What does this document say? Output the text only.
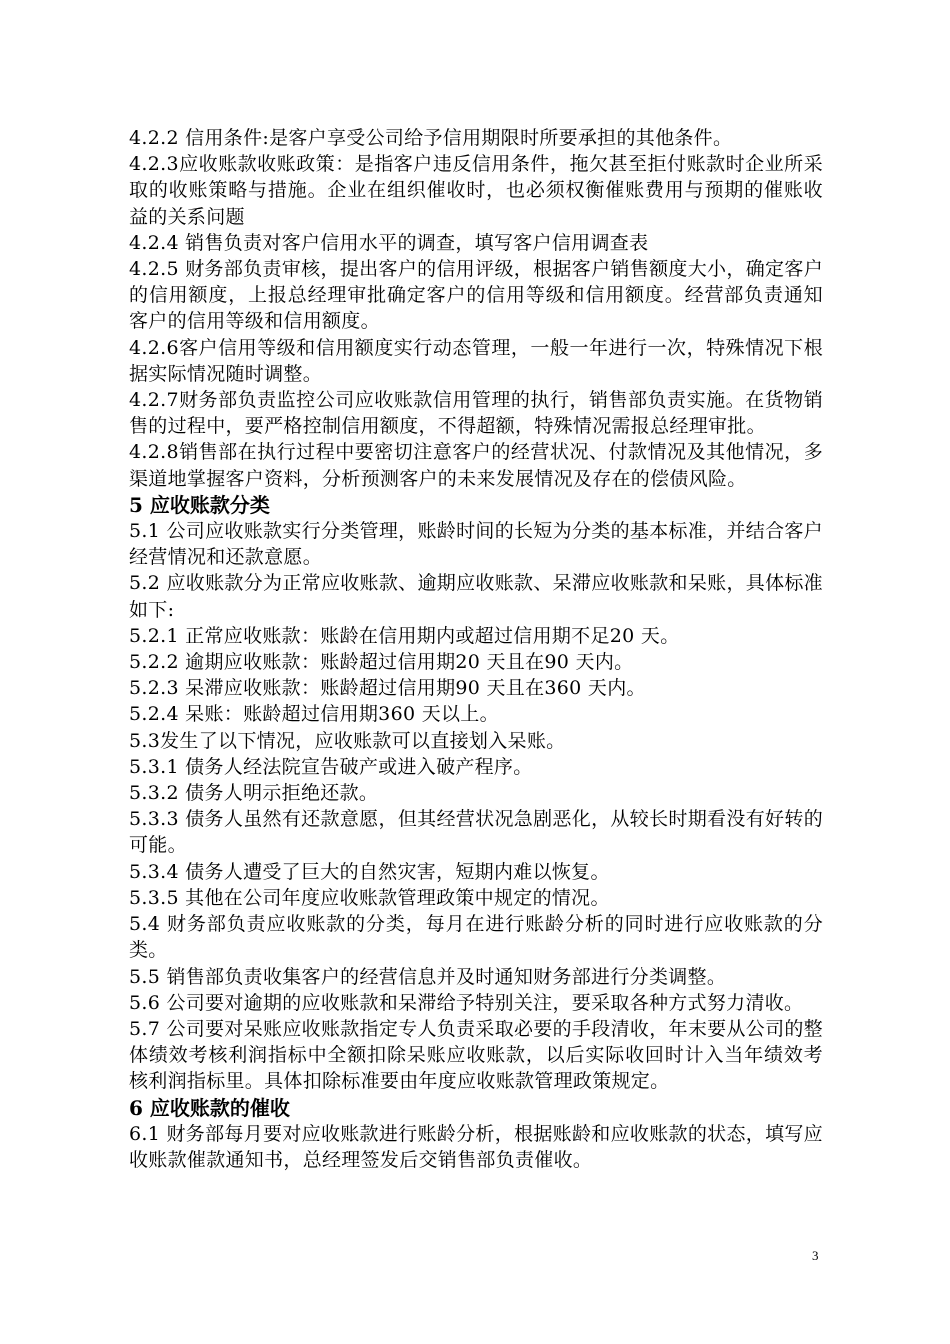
4.2.2 信用条件:是客户享受公司给予信用期限时所要承担的其他条件。

4.2.3应收账款收账政策：是指客户违反信用条件，拖欠甚至拒付账款时企业所采取的收账策略与措施。企业在组织催收时，也必须权衡催账费用与预期的催账收益的关系问题

4.2.4 销售负责对客户信用水平的调查，填写客户信用调查表

4.2.5 财务部负责审核，提出客户的信用评级，根据客户销售额度大小，确定客户的信用额度，上报总经理审批确定客户的信用等级和信用额度。经营部负责通知客户的信用等级和信用额度。

4.2.6客户信用等级和信用额度实行动态管理，一般一年进行一次，特殊情况下根据实际情况随时调整。

4.2.7财务部负责监控公司应收账款信用管理的执行，销售部负责实施。在货物销售的过程中，要严格控制信用额度，不得超额，特殊情况需报总经理审批。

4.2.8销售部在执行过程中要密切注意客户的经营状况、付款情况及其他情况，多渠道地掌握客户资料，分析预测客户的未来发展情况及存在的偿债风险。

5 应收账款分类

5.1 公司应收账款实行分类管理，账龄时间的长短为分类的基本标准，并结合客户经营情况和还款意愿。

5.2 应收账款分为正常应收账款、逾期应收账款、呆滞应收账款和呆账，具体标准如下:

5.2.1 正常应收账款：账龄在信用期内或超过信用期不足20 天。

5.2.2 逾期应收账款：账龄超过信用期20 天且在90 天内。

5.2.3 呆滞应收账款：账龄超过信用期90 天且在360 天内。

5.2.4 呆账：账龄超过信用期360 天以上。

5.3发生了以下情况，应收账款可以直接划入呆账。

5.3.1 债务人经法院宣告破产或进入破产程序。

5.3.2 债务人明示拒绝还款。

5.3.3 债务人虽然有还款意愿，但其经营状况急剧恶化，从较长时期看没有好转的可能。

5.3.4 债务人遭受了巨大的自然灾害，短期内难以恢复。

5.3.5 其他在公司年度应收账款管理政策中规定的情况。

5.4 财务部负责应收账款的分类，每月在进行账龄分析的同时进行应收账款的分类。

5.5 销售部负责收集客户的经营信息并及时通知财务部进行分类调整。

5.6 公司要对逾期的应收账款和呆滞给予特别关注，要采取各种方式努力清收。

5.7 公司要对呆账应收账款指定专人负责采取必要的手段清收，年末要从公司的整体绩效考核利润指标中全额扣除呆账应收账款，以后实际收回时计入当年绩效考核利润指标里。具体扣除标准要由年度应收账款管理政策规定。

6 应收账款的催收

6.1 财务部每月要对应收账款进行账龄分析，根据账龄和应收账款的状态，填写应收账款催款通知书，总经理签发后交销售部负责催收。

3
